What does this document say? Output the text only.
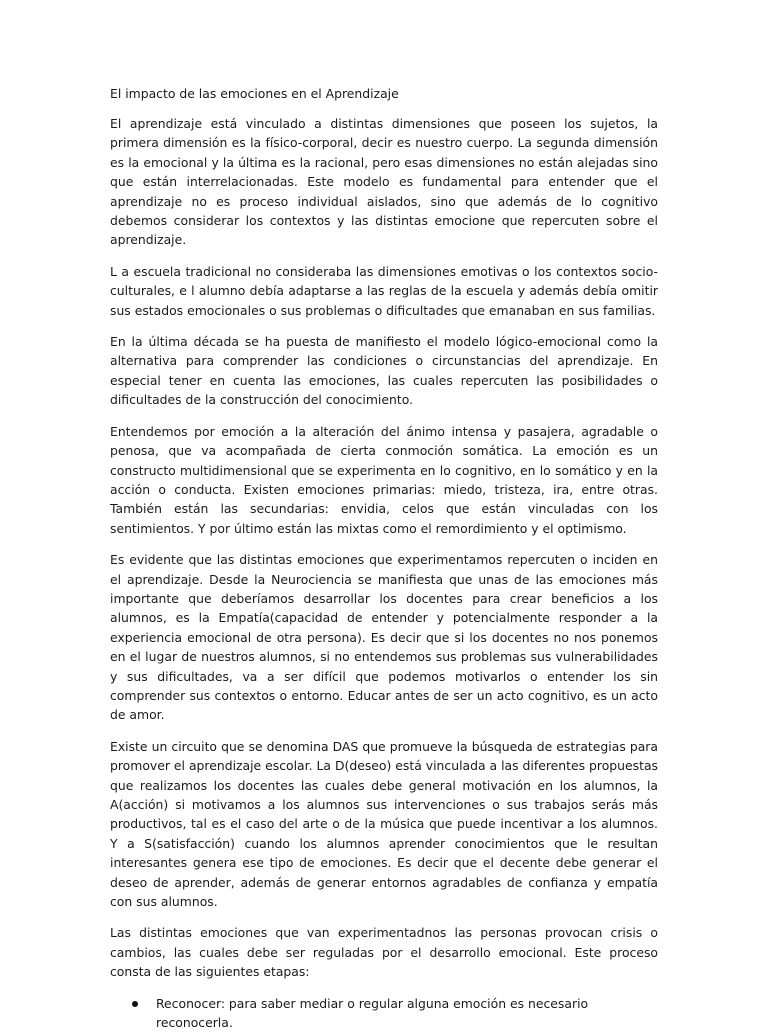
El impacto de las emociones en el Aprendizaje

El aprendizaje está vinculado a distintas dimensiones que poseen los sujetos, la primera dimensión es la físico-corporal, decir es nuestro cuerpo. La segunda dimensión es la emocional y la última es la racional, pero esas dimensiones no están alejadas sino que están interrelacionadas. Este modelo es fundamental para entender que el aprendizaje no es proceso individual aislados, sino que además de lo cognitivo debemos considerar los contextos y las distintas emocione que repercuten sobre el aprendizaje.

L a escuela tradicional no consideraba las dimensiones emotivas o los contextos socio-culturales, e l alumno debía adaptarse a las reglas de la escuela y además debía omitir sus estados emocionales o sus problemas o dificultades que emanaban en sus familias.

En la última década se ha puesta de manifiesto el modelo lógico-emocional como la alternativa para comprender las condiciones o circunstancias del aprendizaje. En especial tener en cuenta las emociones, las cuales repercuten las posibilidades o dificultades de la construcción del conocimiento.

Entendemos por emoción a la alteración del ánimo intensa y pasajera, agradable o penosa, que va acompañada de cierta conmoción somática. La emoción es un constructo multidimensional que se experimenta en lo cognitivo, en lo somático y en la acción o conducta. Existen emociones primarias: miedo, tristeza, ira, entre otras. También están las secundarias: envidia, celos que están vinculadas con los sentimientos. Y por último están las mixtas como el remordimiento y el optimismo.

Es evidente que las distintas emociones que experimentamos repercuten o inciden en el aprendizaje. Desde la Neurociencia se manifiesta que unas de las emociones más importante que deberíamos desarrollar los docentes para crear beneficios a los alumnos, es la Empatía(capacidad de entender y potencialmente responder a la experiencia emocional de otra persona). Es decir que si los docentes no nos ponemos en el lugar de nuestros alumnos, si no entendemos sus problemas sus vulnerabilidades y sus dificultades, va a ser difícil que podemos motivarlos o entender los sin comprender sus contextos o entorno. Educar antes de ser un acto cognitivo, es un acto de amor.

Existe un circuito que se denomina DAS que promueve la búsqueda de estrategias para promover el aprendizaje escolar. La D(deseo) está vinculada a las diferentes propuestas que realizamos los docentes las cuales debe general motivación en los alumnos, la A(acción) si motivamos a los alumnos sus intervenciones o sus trabajos serás más productivos, tal es el caso del arte o de la música que puede incentivar a los alumnos. Y a S(satisfacción) cuando los alumnos aprender conocimientos que le resultan interesantes genera ese tipo de emociones. Es decir que el decente debe generar el deseo de aprender, además de generar entornos agradables de confianza y empatía con sus alumnos.

Las distintas emociones que van experimentadnos las personas provocan crisis o cambios, las cuales debe ser reguladas por el desarrollo emocional. Este proceso consta de las siguientes etapas:

Reconocer: para saber mediar o regular alguna emoción es necesario reconocerla.
